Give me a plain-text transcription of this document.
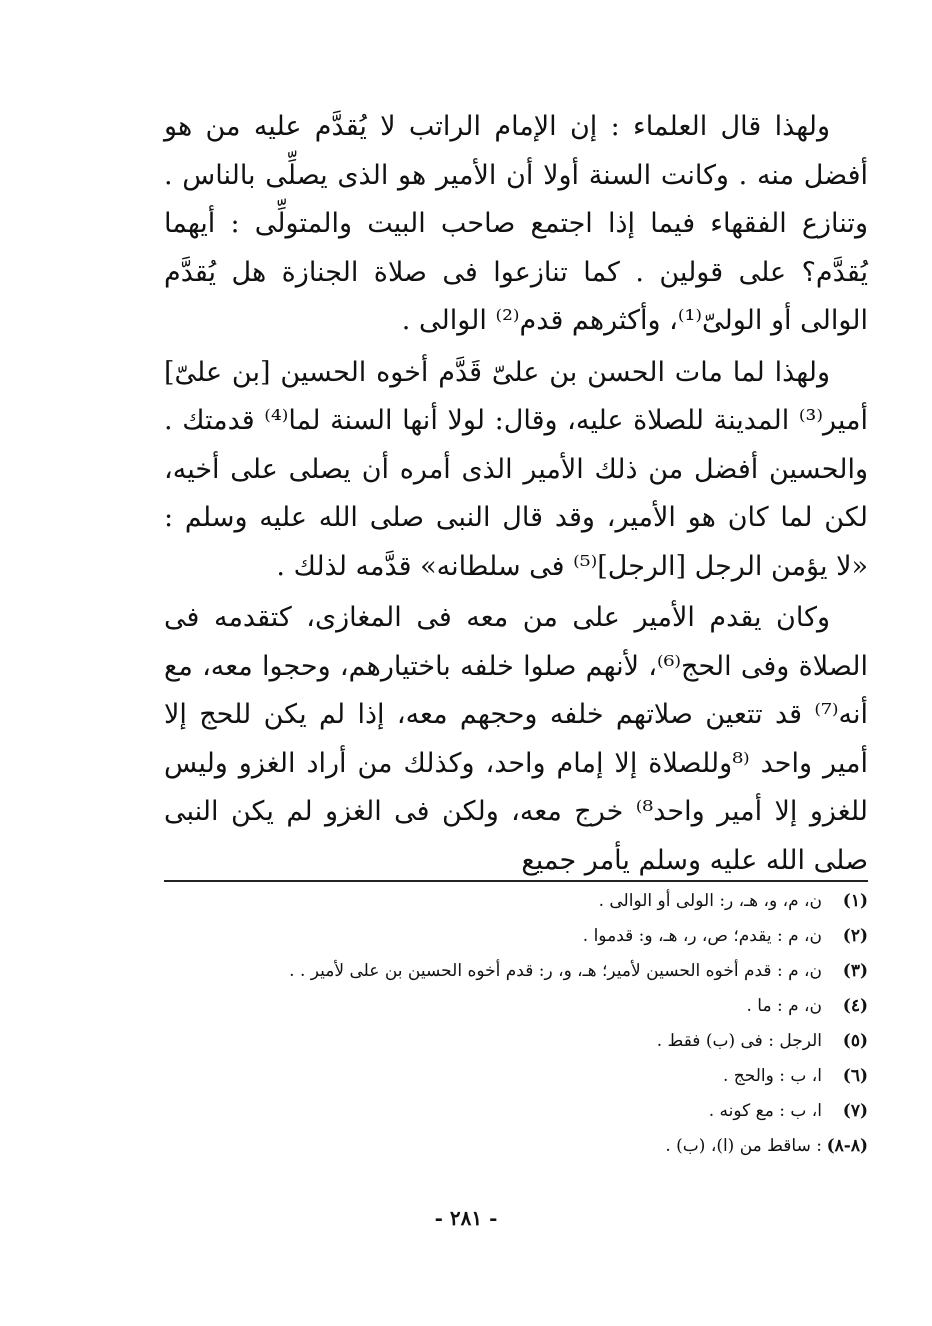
ولهذا قال العلماء : إن الإمام الراتب لا يُقدَّم عليه من هو أفضل منه . وكانت السنة أولا أن الأمير هو الذى يصلِّى بالناس . وتنازع الفقهاء فيما إذا اجتمع صاحب البيت والمتولِّى : أيهما يُقدَّم؟ على قولين . كما تنازعوا فى صلاة الجنازة هل يُقدَّم الوالى أو الولىّ⁽¹⁾، وأكثرهم قدم⁽²⁾ الوالى .

ولهذا لما مات الحسن بن علىّ قَدَّم أخوه الحسين [بن علىّ] أمير⁽³⁾ المدينة للصلاة عليه، وقال: لولا أنها السنة لما⁽⁴⁾ قدمتك . والحسين أفضل من ذلك الأمير الذى أمره أن يصلى على أخيه، لكن لما كان هو الأمير، وقد قال النبى صلى الله عليه وسلم : «لا يؤمن الرجل [الرجل]⁽⁵⁾ فى سلطانه» قدَّمه لذلك .

وكان يقدم الأمير على من معه فى المغازى، كتقدمه فى الصلاة وفى الحج⁽⁶⁾، لأنهم صلوا خلفه باختيارهم، وحجوا معه، مع أنه⁽⁷⁾ قد تتعين صلاتهم خلفه وحجهم معه، إذا لم يكن للحج إلا أمير واحد ⁽⁸وللصلاة إلا إمام واحد، وكذلك من أراد الغزو وليس للغزو إلا أمير واحد⁸⁾ خرج معه، ولكن فى الغزو لم يكن النبى صلى الله عليه وسلم يأمر جميع

(١)
ن، م، و، هـ، ر: الولى أو الوالى .
(٢)
ن، م : يقدم؛ ص، ر، هـ، و: قدموا .
(٣)
ن، م : قدم أخوه الحسين لأمير؛ هـ، و، ر: قدم أخوه الحسين بن على لأمير . .
(٤)
ن، م : ما .
(٥)
الرجل : فى (ب) فقط .
(٦)
ا، ب : والحج .
(٧)
ا، ب : مع كونه .
(٨-٨)
: ساقط من (ا)، (ب) .
- ٢٨١ -
